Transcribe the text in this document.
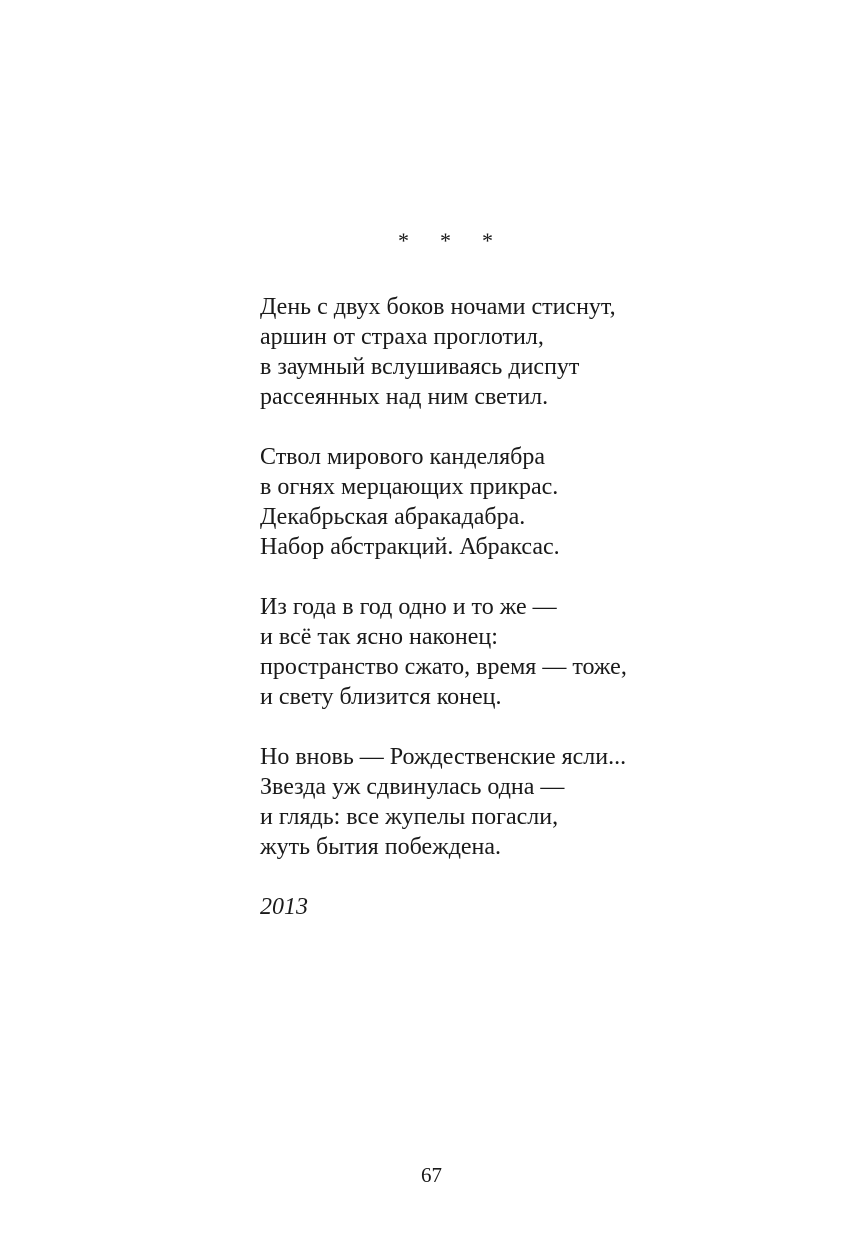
* * *
День с двух боков ночами стиснут,
аршин от страха проглотил,
в заумный вслушиваясь диспут
рассеянных над ним светил.
Ствол мирового канделябра
в огнях мерцающих прикрас.
Декабрьская абракадабра.
Набор абстракций. Абраксас.
Из года в год одно и то же —
и всё так ясно наконец:
пространство сжато, время — тоже,
и свету близится конец.
Но вновь — Рождественские ясли...
Звезда уж сдвинулась одна —
и глядь: все жупелы погасли,
жуть бытия побеждена.
2013
67
